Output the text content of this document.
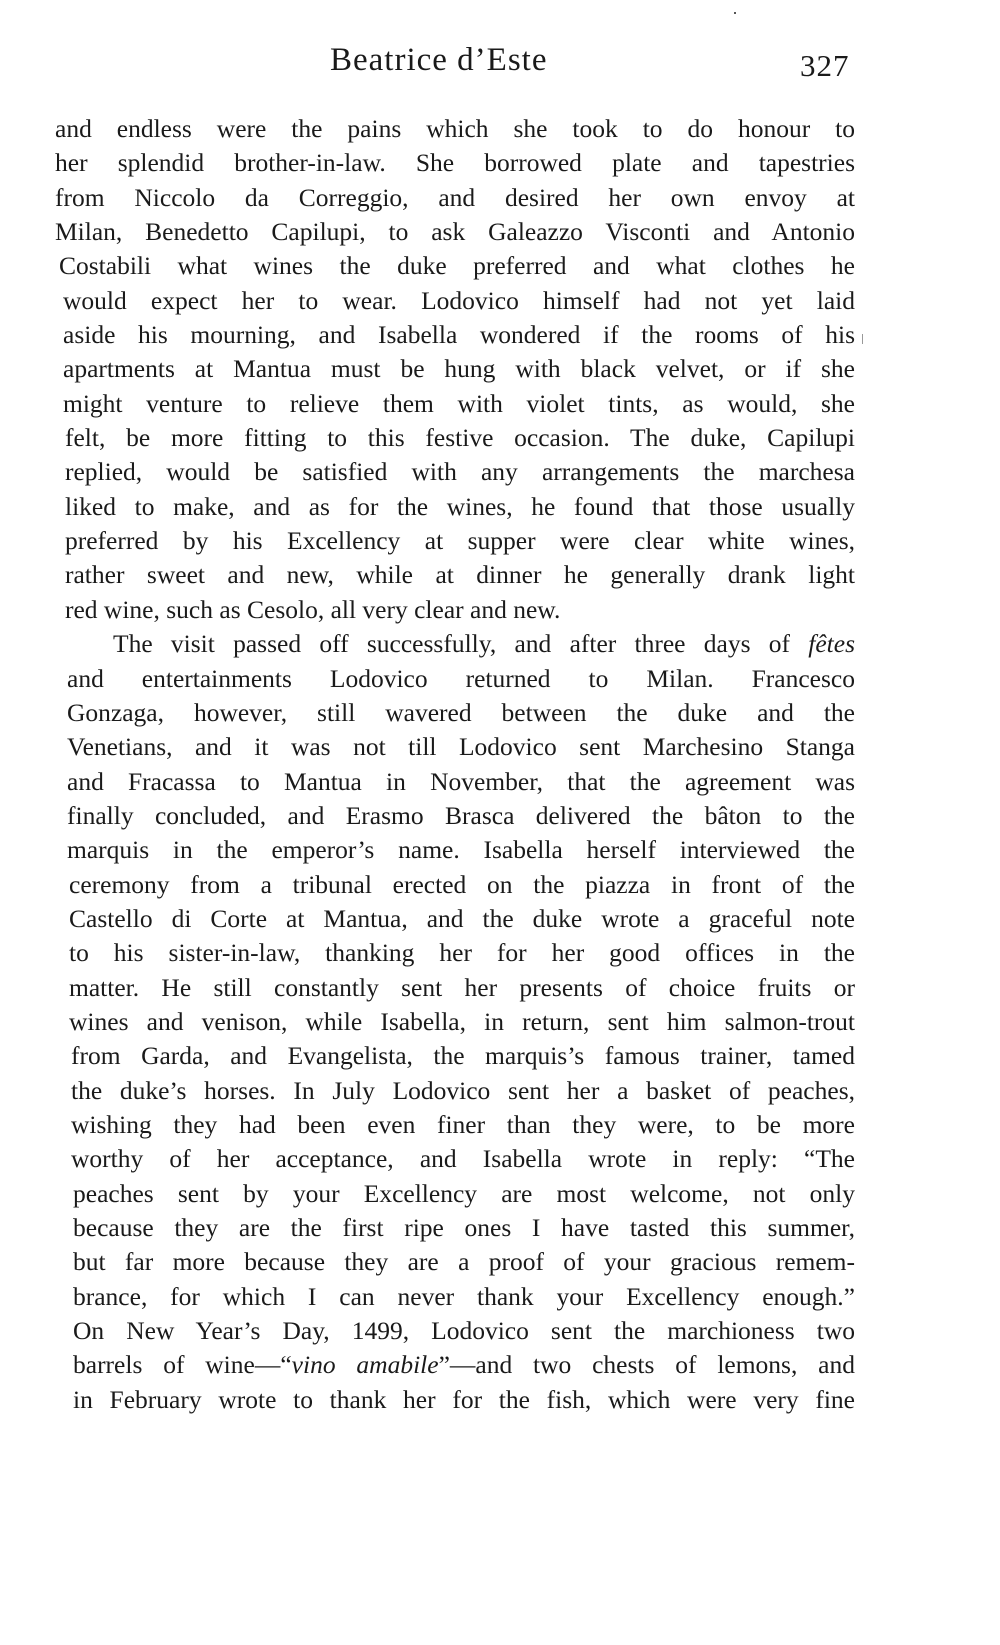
Beatrice d’Este	327
and endless were the pains which she took to do honour to
her splendid brother-in-law. She borrowed plate and tapestries
from Niccolo da Correggio, and desired her own envoy at
Milan, Benedetto Capilupi, to ask Galeazzo Visconti and Antonio
Costabili what wines the duke preferred and what clothes he
would expect her to wear. Lodovico himself had not yet laid
aside his mourning, and Isabella wondered if the rooms of his
apartments at Mantua must be hung with black velvet, or if she
might venture to relieve them with violet tints, as would, she
felt, be more fitting to this festive occasion. The duke, Capilupi
replied, would be satisfied with any arrangements the marchesa
liked to make, and as for the wines, he found that those usually
preferred by his Excellency at supper were clear white wines,
rather sweet and new, while at dinner he generally drank light
red wine, such as Cesolo, all very clear and new.
The visit passed off successfully, and after three days of fêtes
and entertainments Lodovico returned to Milan. Francesco
Gonzaga, however, still wavered between the duke and the
Venetians, and it was not till Lodovico sent Marchesino Stanga
and Fracassa to Mantua in November, that the agreement was
finally concluded, and Erasmo Brasca delivered the bâton to the
marquis in the emperor’s name. Isabella herself interviewed the
ceremony from a tribunal erected on the piazza in front of the
Castello di Corte at Mantua, and the duke wrote a graceful note
to his sister-in-law, thanking her for her good offices in the
matter. He still constantly sent her presents of choice fruits or
wines and venison, while Isabella, in return, sent him salmon-trout
from Garda, and Evangelista, the marquis’s famous trainer, tamed
the duke’s horses. In July Lodovico sent her a basket of peaches,
wishing they had been even finer than they were, to be more
worthy of her acceptance, and Isabella wrote in reply: “The
peaches sent by your Excellency are most welcome, not only
because they are the first ripe ones I have tasted this summer,
but far more because they are a proof of your gracious remem-
brance, for which I can never thank your Excellency enough.”
On New Year’s Day, 1499, Lodovico sent the marchioness two
barrels of wine—“vino amabile”—and two chests of lemons, and
in February wrote to thank her for the fish, which were very fine
